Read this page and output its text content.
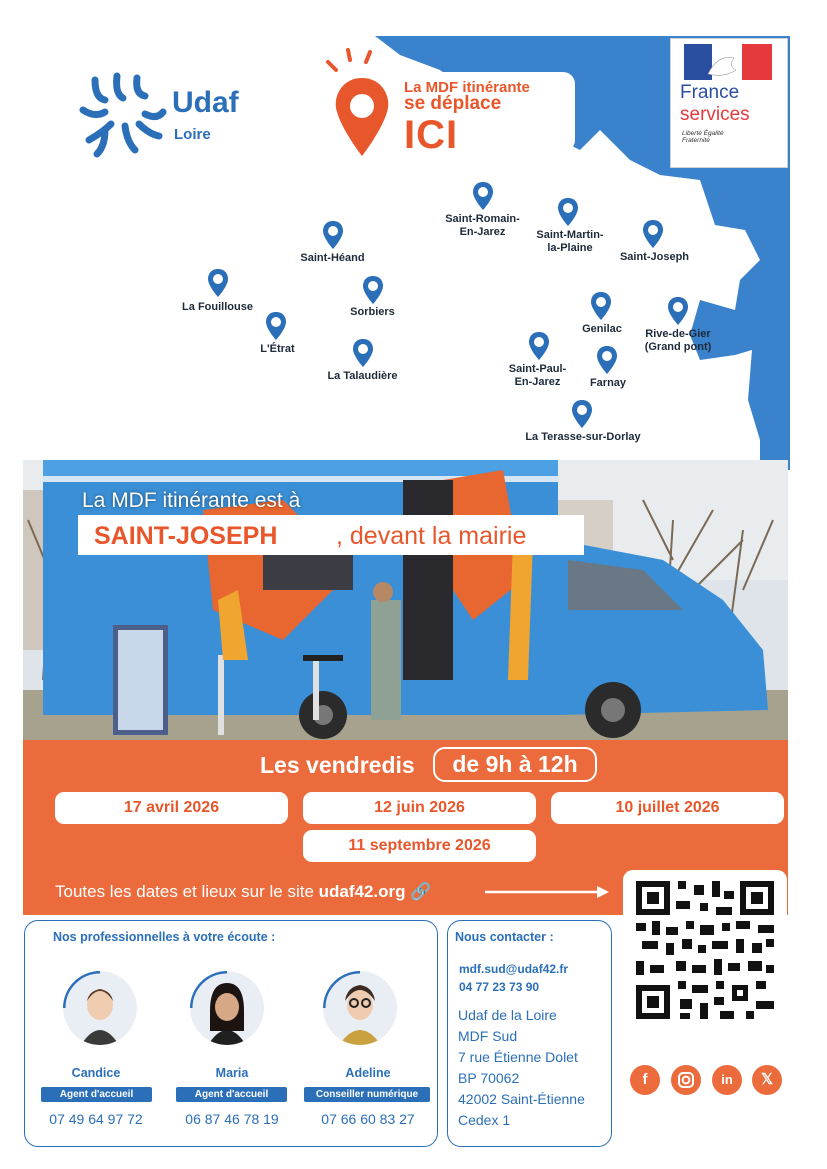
Udaf
Loire
La MDF itinérante
se déplace
ICI
France
services
Liberté Égalité Fraternité
Saint-Romain-
En-Jarez	Saint-Martin-
la-Plaine
Saint-Joseph
Saint-Héand
La Fouillouse	Sorbiers
L'Étrat
La Talaudière
Genilac	Rive-de-Gier
(Grand pont)
Saint-Paul-
En-Jarez	Farnay
La Terasse-sur-Dorlay
La MDF itinérante est à
SAINT-JOSEPH , devant la mairie
Les vendredis	de 9h à 12h
17 avril 2026	12 juin 2026	10 juillet 2026
11 septembre 2026
Toutes les dates et lieux sur le site udaf42.org 🔗
Nos professionnelles à votre écoute :
Candice
Agent d'accueil
07 49 64 97 72
Maria
Agent d'accueil
06 87 46 78 19
Adeline
Conseiller numérique
07 66 60 83 27
Nous contacter :
mdf.sud@udaf42.fr
04 77 23 73 90
Udaf de la Loire
MDF Sud
7 rue Étienne Dolet
BP 70062
42002 Saint-Étienne
Cedex 1
f	in	𝕏
